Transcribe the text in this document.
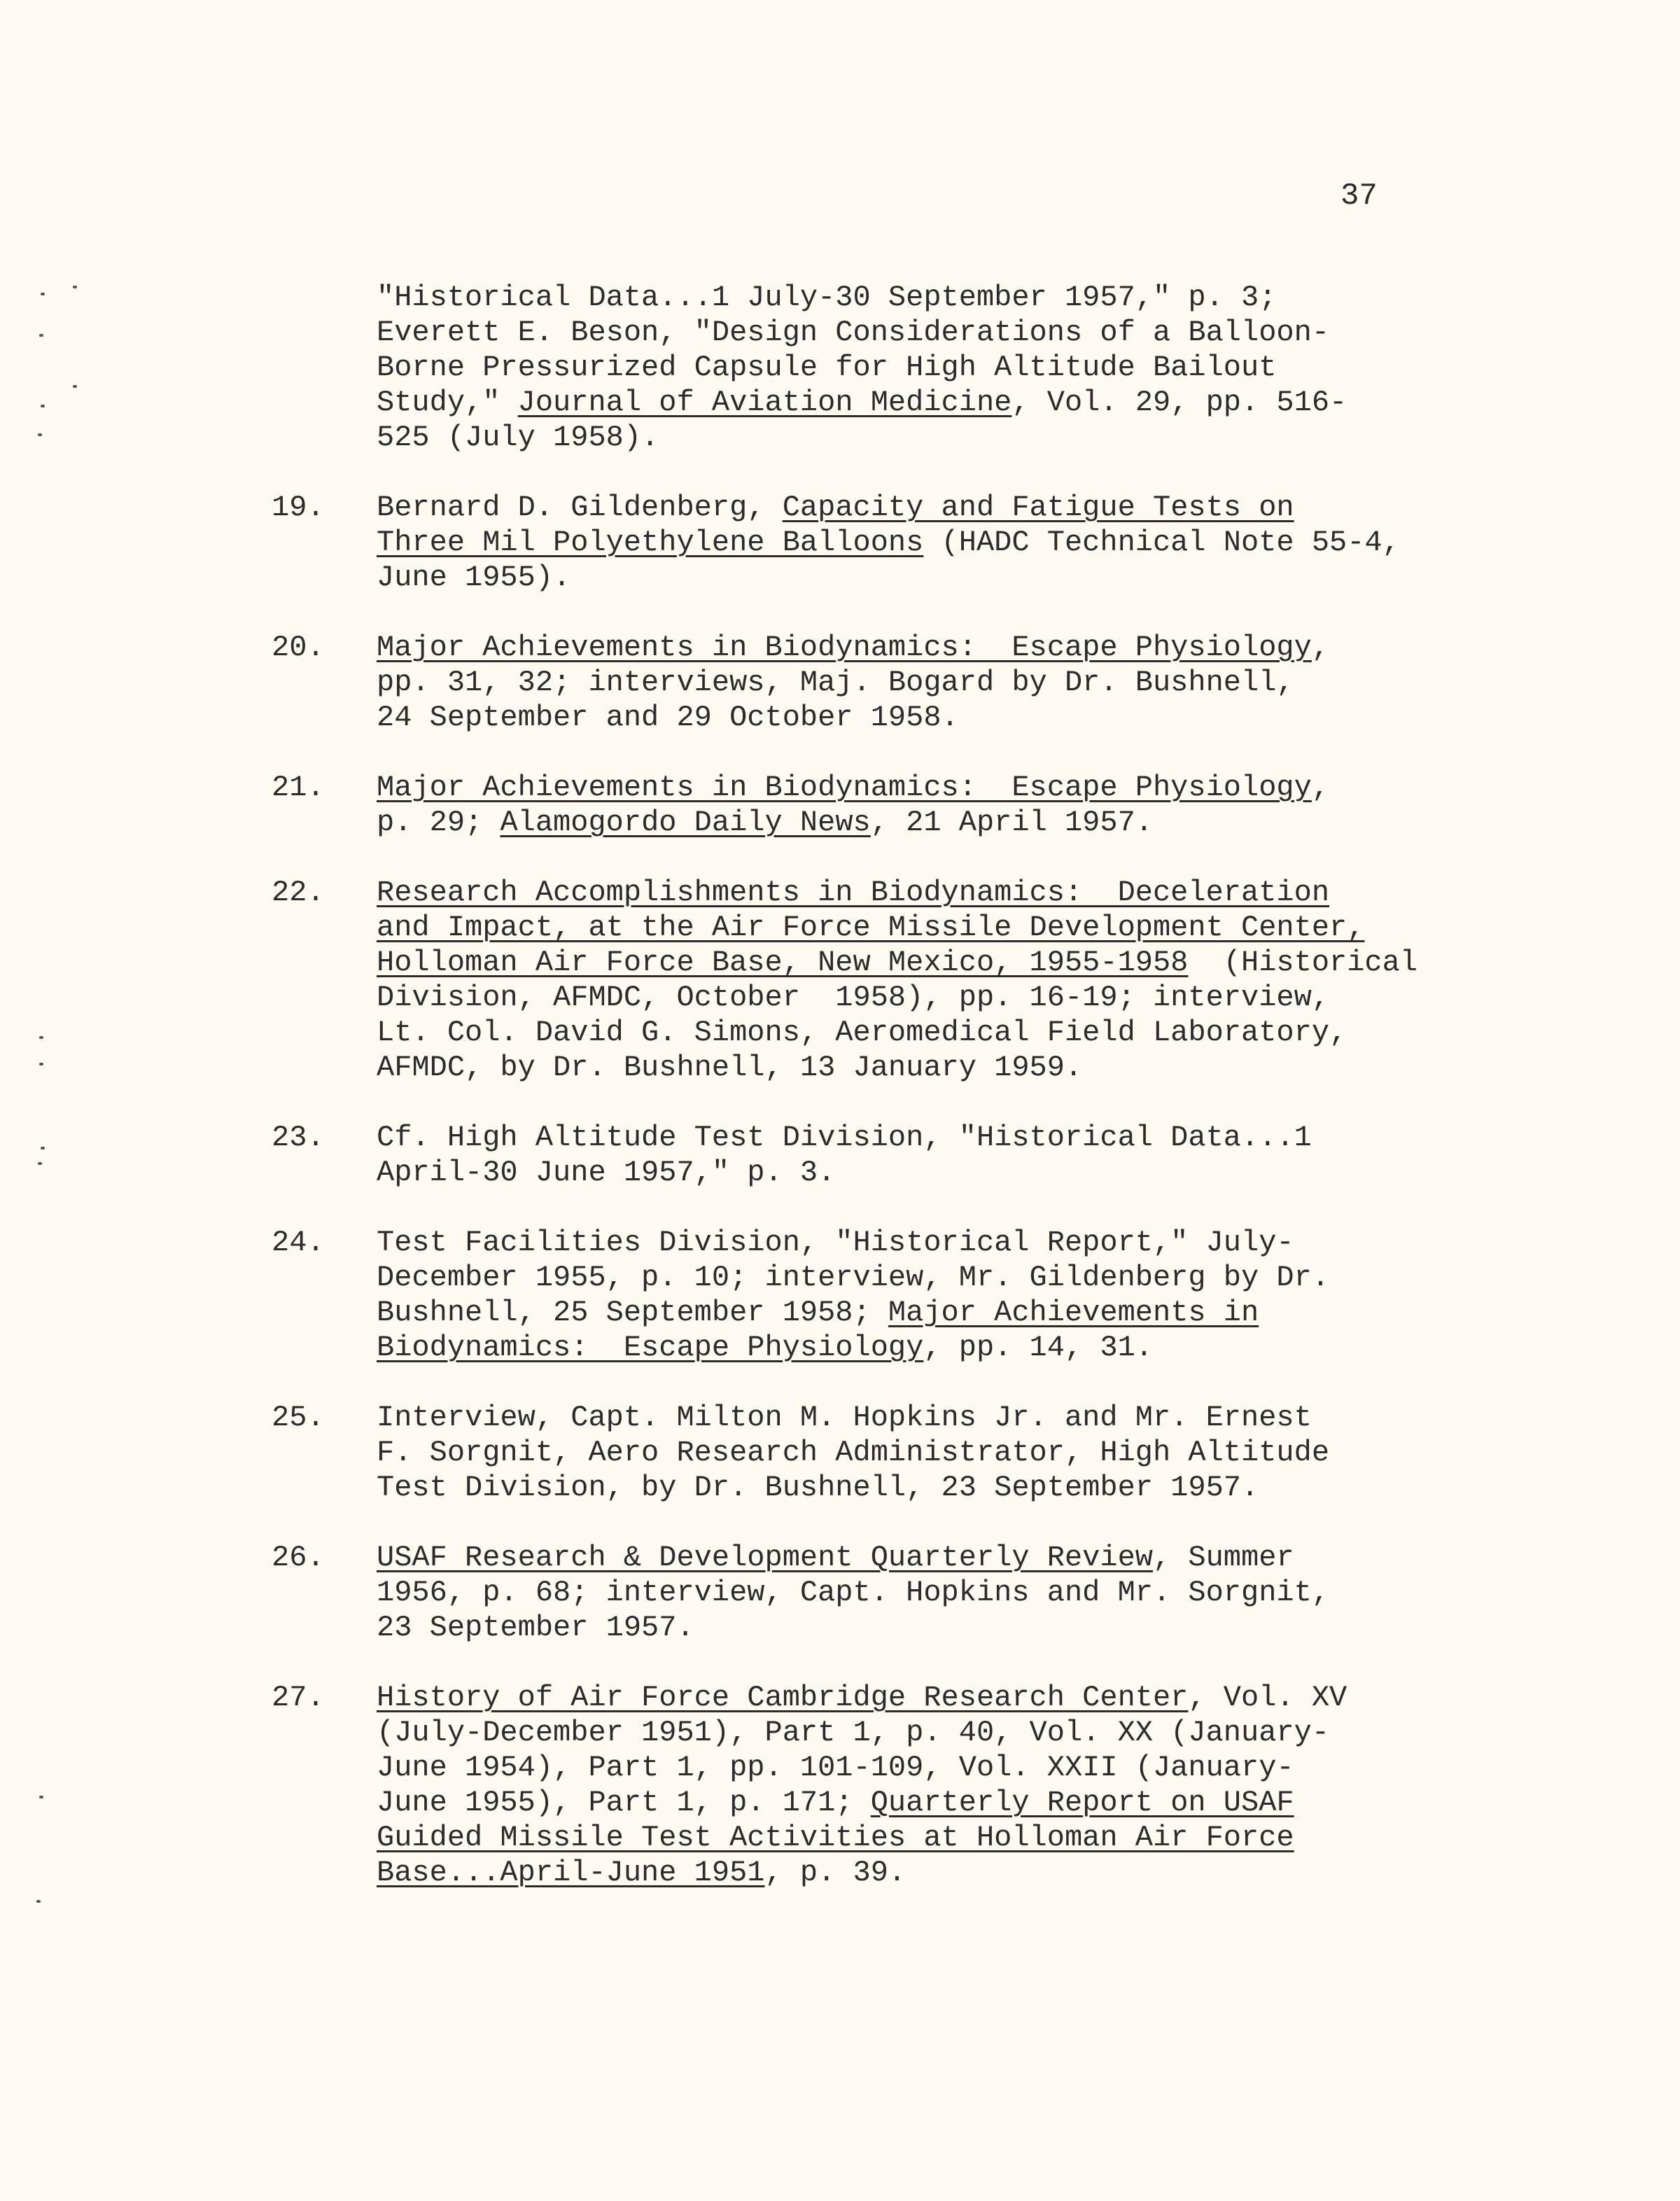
37
"Historical Data...1 July-30 September 1957," p. 3;
Everett E. Beson, "Design Considerations of a Balloon-
Borne Pressurized Capsule for High Altitude Bailout
Study," Journal of Aviation Medicine, Vol. 29, pp. 516-
525 (July 1958).
19. Bernard D. Gildenberg, Capacity and Fatigue Tests on
Three Mil Polyethylene Balloons (HADC Technical Note 55-4,
June 1955).
20. Major Achievements in Biodynamics:  Escape Physiology,
pp. 31, 32; interviews, Maj. Bogard by Dr. Bushnell,
24 September and 29 October 1958.
21. Major Achievements in Biodynamics:  Escape Physiology,
p. 29; Alamogordo Daily News, 21 April 1957.
22. Research Accomplishments in Biodynamics:  Deceleration
and Impact, at the Air Force Missile Development Center,
Holloman Air Force Base, New Mexico, 1955-1958  (Historical
Division, AFMDC, October  1958), pp. 16-19; interview,
Lt. Col. David G. Simons, Aeromedical Field Laboratory,
AFMDC, by Dr. Bushnell, 13 January 1959.
23. Cf. High Altitude Test Division, "Historical Data...1
April-30 June 1957," p. 3.
24. Test Facilities Division, "Historical Report," July-
December 1955, p. 10; interview, Mr. Gildenberg by Dr.
Bushnell, 25 September 1958; Major Achievements in
Biodynamics:  Escape Physiology, pp. 14, 31.
25. Interview, Capt. Milton M. Hopkins Jr. and Mr. Ernest
F. Sorgnit, Aero Research Administrator, High Altitude
Test Division, by Dr. Bushnell, 23 September 1957.
26. USAF Research & Development Quarterly Review, Summer
1956, p. 68; interview, Capt. Hopkins and Mr. Sorgnit,
23 September 1957.
27. History of Air Force Cambridge Research Center, Vol. XV
(July-December 1951), Part 1, p. 40, Vol. XX (January-
June 1954), Part 1, pp. 101-109, Vol. XXII (January-
June 1955), Part 1, p. 171; Quarterly Report on USAF
Guided Missile Test Activities at Holloman Air Force
Base...April-June 1951, p. 39.
